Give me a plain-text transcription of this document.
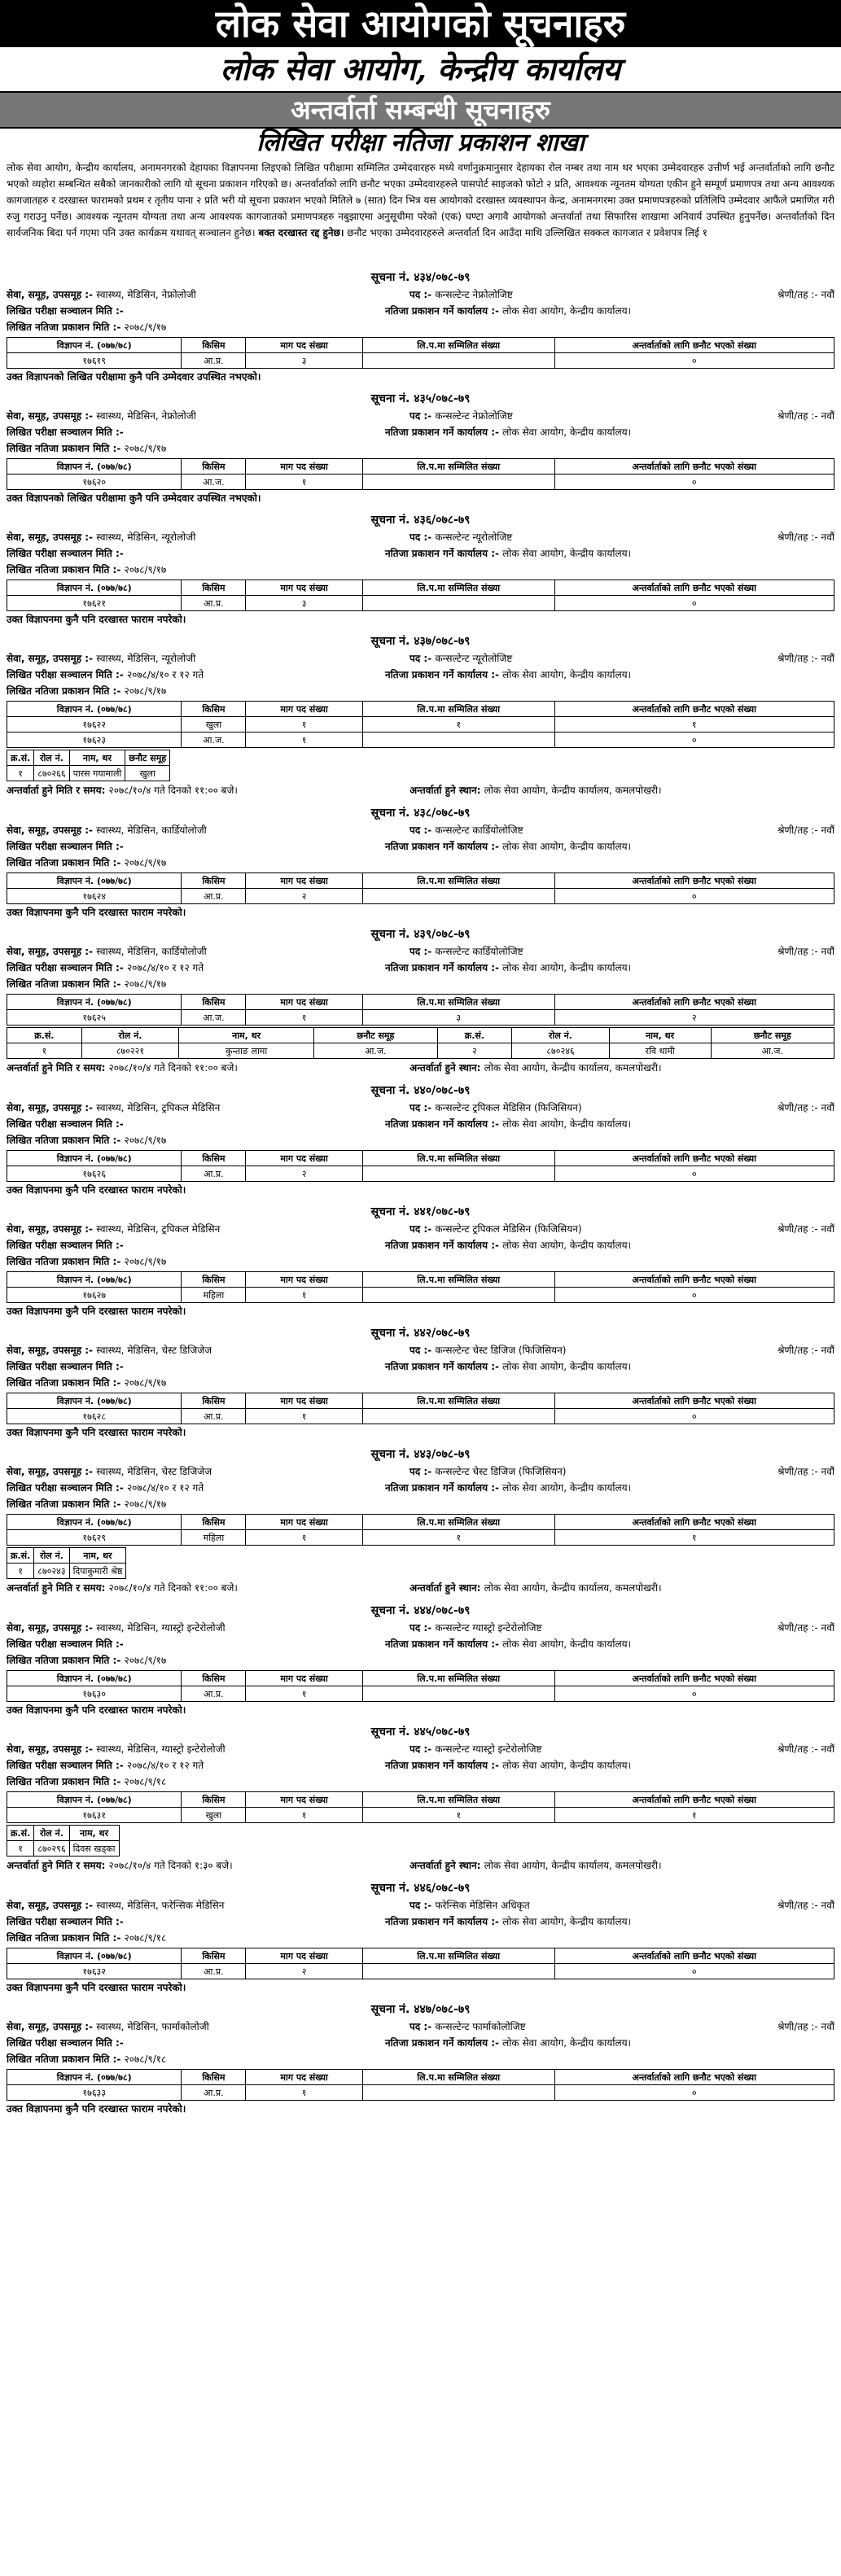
लोक सेवा आयोगको सूचनाहरु
लोक सेवा आयोग, केन्द्रीय कार्यालय
अन्तर्वार्ता सम्बन्धी सूचनाहरु
लिखित परीक्षा नतिजा प्रकाशन शाखा
लोक सेवा आयोग, केन्द्रीय कार्यालय, अनामनगरको देहायका विज्ञापनमा लिइएको लिखित परीक्षामा सम्मिलित उम्मेदवारहरु मध्ये वर्णानुक्रमानुसार देहायका रोल नम्बर तथा नाम थर भएका उम्मेदवारहरु उत्तीर्ण भई अन्तर्वार्ताको लागि छनौट भएको व्यहोरा सम्बन्धित सबैको जानकारीको लागि यो सूचना प्रकाशन गरिएको छ। अन्तर्वार्ताको लागि छनौट भएका उम्मेदवारहरुले पासपोर्ट साइजको फोटो २ प्रति, आवश्यक न्यूनतम योग्यता एकीन हुने सम्पूर्ण प्रमाणपत्र तथा अन्य आवश्यक कागजातहरु र दरखास्त फारामको प्रथम र तृतीय पाना २ प्रति भरी यो सूचना प्रकाशन भएको मितिले ७ (सात) दिन भित्र यस आयोगको दरखास्त व्यवस्थापन केन्द्र, अनामनगरमा उक्त प्रमाणपत्रहरुको प्रतिलिपि उम्मेदवार आफैंले प्रमाणित गरी रुजु गराउनु पर्नेछ। आवश्यक न्यूनतम योग्यता तथा अन्य आवश्यक कागजातको प्रमाणपत्रहरु नबुझाएमा अनुसूचीमा परेको (एक) घण्टा अगावै आयोगको अन्तर्वार्ता तथा सिफारिस शाखामा अनिवार्य उपस्थित हुनुपर्नेछ। अन्तर्वार्ताको दिन सार्वजनिक बिदा पर्न गएमा पनि उक्त कार्यक्रम यथावत् सञ्चालन हुनेछ। बक्त दरखास्त रद्द हुनेछ। छनौट भएका उम्मेदवारहरुले अन्तर्वार्ता दिन आउँदा माथि उल्लिखित सक्कल कागजात र प्रवेशपत्र लिई १
सूचना नं. ४३४/०७८-७९
सेवा, समूह, उपसमूह :- स्वास्थ्य, मेडिसिन, नेफ्रोलोजी	पद :- कन्सल्टेन्ट नेफ्रोलोजिष्ट	श्रेणी/तह :- नवौं
लिखित परीक्षा सञ्चालन मिति :-	नतिजा प्रकाशन गर्ने कार्यालय :- लोक सेवा आयोग, केन्द्रीय कार्यालय।
लिखित नतिजा प्रकाशन मिति :- २०७८/९/१७
विज्ञापन नं. (०७७/७८)	किसिम	माग पद संख्या	लि.प.मा सम्मिलित संख्या	अन्तर्वार्ताको लागि छनौट भएको संख्या
१७६१९	आ.प्र.	३		०
उक्त विज्ञापनको लिखित परीक्षामा कुनै पनि उम्मेदवार उपस्थित नभएको।
सूचना नं. ४३५/०७८-७९
सेवा, समूह, उपसमूह :- स्वास्थ्य, मेडिसिन, नेफ्रोलोजी	पद :- कन्सल्टेन्ट नेफ्रोलोजिष्ट	श्रेणी/तह :- नवौं
लिखित परीक्षा सञ्चालन मिति :-	नतिजा प्रकाशन गर्ने कार्यालय :- लोक सेवा आयोग, केन्द्रीय कार्यालय।
लिखित नतिजा प्रकाशन मिति :- २०७८/९/१७
विज्ञापन नं. (०७७/७८)	किसिम	माग पद संख्या	लि.प.मा सम्मिलित संख्या	अन्तर्वार्ताको लागि छनौट भएको संख्या
१७६२०	आ.ज.	१		०
उक्त विज्ञापनको लिखित परीक्षामा कुनै पनि उम्मेदवार उपस्थित नभएको।
सूचना नं. ४३६/०७८-७९
सेवा, समूह, उपसमूह :- स्वास्थ्य, मेडिसिन, न्यूरोलोजी	पद :- कन्सल्टेन्ट न्यूरोलोजिष्ट	श्रेणी/तह :- नवौं
लिखित परीक्षा सञ्चालन मिति :-	नतिजा प्रकाशन गर्ने कार्यालय :- लोक सेवा आयोग, केन्द्रीय कार्यालय।
लिखित नतिजा प्रकाशन मिति :- २०७८/९/१७
विज्ञापन नं. (०७७/७८)	किसिम	माग पद संख्या	लि.प.मा सम्मिलित संख्या	अन्तर्वार्ताको लागि छनौट भएको संख्या
१७६२१	आ.प्र.	३		०
उक्त विज्ञापनमा कुनै पनि दरखास्त फाराम नपरेको।
सूचना नं. ४३७/०७८-७९
सेवा, समूह, उपसमूह :- स्वास्थ्य, मेडिसिन, न्यूरोलोजी	पद :- कन्सल्टेन्ट न्यूरोलोजिष्ट	श्रेणी/तह :- नवौं
लिखित परीक्षा सञ्चालन मिति :- २०७८/४/१० र १२ गते	नतिजा प्रकाशन गर्ने कार्यालय :- लोक सेवा आयोग, केन्द्रीय कार्यालय।
लिखित नतिजा प्रकाशन मिति :- २०७८/९/१७
विज्ञापन नं. (०७७/७८)	किसिम	माग पद संख्या	लि.प.मा सम्मिलित संख्या	अन्तर्वार्ताको लागि छनौट भएको संख्या
१७६२२	खुला	१	१	१
१७६२३	आ.ज.	१		०
क्र.सं.	रोल नं.	नाम, थर	छनौट समूह
१	८७०२६६	पारस गयामाली	खुला
अन्तर्वार्ता हुने मिति र समय: २०७८/१०/४ गते दिनको ११:०० बजे।	अन्तर्वार्ता हुने स्थान: लोक सेवा आयोग, केन्द्रीय कार्यालय, कमलपोखरी।
सूचना नं. ४३८/०७८-७९
सेवा, समूह, उपसमूह :- स्वास्थ्य, मेडिसिन, कार्डियोलोजी	पद :- कन्सल्टेन्ट कार्डियोलोजिष्ट	श्रेणी/तह :- नवौं
लिखित परीक्षा सञ्चालन मिति :-	नतिजा प्रकाशन गर्ने कार्यालय :- लोक सेवा आयोग, केन्द्रीय कार्यालय।
लिखित नतिजा प्रकाशन मिति :- २०७८/९/१७
विज्ञापन नं. (०७७/७८)	किसिम	माग पद संख्या	लि.प.मा सम्मिलित संख्या	अन्तर्वार्ताको लागि छनौट भएको संख्या
१७६२४	आ.प्र.	२		०
उक्त विज्ञापनमा कुनै पनि दरखास्त फाराम नपरेको।
सूचना नं. ४३९/०७८-७९
सेवा, समूह, उपसमूह :- स्वास्थ्य, मेडिसिन, कार्डियोलोजी	पद :- कन्सल्टेन्ट कार्डियोलोजिष्ट	श्रेणी/तह :- नवौं
लिखित परीक्षा सञ्चालन मिति :- २०७८/४/१० र १२ गते	नतिजा प्रकाशन गर्ने कार्यालय :- लोक सेवा आयोग, केन्द्रीय कार्यालय।
लिखित नतिजा प्रकाशन मिति :- २०७८/९/१७
विज्ञापन नं. (०७७/७८)	किसिम	माग पद संख्या	लि.प.मा सम्मिलित संख्या	अन्तर्वार्ताको लागि छनौट भएको संख्या
१७६२५	आ.ज.	१	३	२
क्र.सं.	रोल नं.	नाम, थर	छनौट समूह	क्र.सं.	रोल नं.	नाम, थर	छनौट समूह
१	८७०२२१	कुन्ताङ लामा	आ.ज.	२	८७०२४६	रवि थामी	आ.ज.
अन्तर्वार्ता हुने मिति र समय: २०७८/१०/४ गते दिनको ११:०० बजे।	अन्तर्वार्ता हुने स्थान: लोक सेवा आयोग, केन्द्रीय कार्यालय, कमलपोखरी।
सूचना नं. ४४०/०७८-७९
सेवा, समूह, उपसमूह :- स्वास्थ्य, मेडिसिन, ट्रपिकल मेडिसिन	पद :- कन्सल्टेन्ट ट्रपिकल मेडिसिन (फिजिसियन)	श्रेणी/तह :- नवौं
लिखित परीक्षा सञ्चालन मिति :-	नतिजा प्रकाशन गर्ने कार्यालय :- लोक सेवा आयोग, केन्द्रीय कार्यालय।
लिखित नतिजा प्रकाशन मिति :- २०७८/९/१७
विज्ञापन नं. (०७७/७८)	किसिम	माग पद संख्या	लि.प.मा सम्मिलित संख्या	अन्तर्वार्ताको लागि छनौट भएको संख्या
१७६२६	आ.प्र.	२		०
उक्त विज्ञापनमा कुनै पनि दरखास्त फाराम नपरेको।
सूचना नं. ४४१/०७८-७९
सेवा, समूह, उपसमूह :- स्वास्थ्य, मेडिसिन, ट्रपिकल मेडिसिन	पद :- कन्सल्टेन्ट ट्रपिकल मेडिसिन (फिजिसियन)	श्रेणी/तह :- नवौं
लिखित परीक्षा सञ्चालन मिति :-	नतिजा प्रकाशन गर्ने कार्यालय :- लोक सेवा आयोग, केन्द्रीय कार्यालय।
लिखित नतिजा प्रकाशन मिति :- २०७८/९/१७
विज्ञापन नं. (०७७/७८)	किसिम	माग पद संख्या	लि.प.मा सम्मिलित संख्या	अन्तर्वार्ताको लागि छनौट भएको संख्या
१७६२७	महिला	१		०
उक्त विज्ञापनमा कुनै पनि दरखास्त फाराम नपरेको।
सूचना नं. ४४२/०७८-७९
सेवा, समूह, उपसमूह :- स्वास्थ्य, मेडिसिन, चेस्ट डिजिजेज	पद :- कन्सल्टेन्ट चेस्ट डिजिज (फिजिसियन)	श्रेणी/तह :- नवौं
लिखित परीक्षा सञ्चालन मिति :-	नतिजा प्रकाशन गर्ने कार्यालय :- लोक सेवा आयोग, केन्द्रीय कार्यालय।
लिखित नतिजा प्रकाशन मिति :- २०७८/९/१७
विज्ञापन नं. (०७७/७८)	किसिम	माग पद संख्या	लि.प.मा सम्मिलित संख्या	अन्तर्वार्ताको लागि छनौट भएको संख्या
१७६२८	आ.प्र.	१		०
उक्त विज्ञापनमा कुनै पनि दरखास्त फाराम नपरेको।
सूचना नं. ४४३/०७८-७९
सेवा, समूह, उपसमूह :- स्वास्थ्य, मेडिसिन, चेस्ट डिजिजेज	पद :- कन्सल्टेन्ट चेस्ट डिजिज (फिजिसियन)	श्रेणी/तह :- नवौं
लिखित परीक्षा सञ्चालन मिति :- २०७८/४/१० र १२ गते	नतिजा प्रकाशन गर्ने कार्यालय :- लोक सेवा आयोग, केन्द्रीय कार्यालय।
लिखित नतिजा प्रकाशन मिति :- २०७८/९/१७
विज्ञापन नं. (०७७/७८)	किसिम	माग पद संख्या	लि.प.मा सम्मिलित संख्या	अन्तर्वार्ताको लागि छनौट भएको संख्या
१७६२९	महिला	१	१	१
क्र.सं.	रोल नं.	नाम, थर
१	८७०२४३	दिपाकुमारी श्रेष्ठ
अन्तर्वार्ता हुने मिति र समय: २०७८/१०/४ गते दिनको ११:०० बजे।	अन्तर्वार्ता हुने स्थान: लोक सेवा आयोग, केन्द्रीय कार्यालय, कमलपोखरी।
सूचना नं. ४४४/०७८-७९
सेवा, समूह, उपसमूह :- स्वास्थ्य, मेडिसिन, ग्यास्ट्रो इन्टेरोलोजी	पद :- कन्सल्टेन्ट ग्यास्ट्रो इन्टेरोलोजिष्ट	श्रेणी/तह :- नवौं
लिखित परीक्षा सञ्चालन मिति :-	नतिजा प्रकाशन गर्ने कार्यालय :- लोक सेवा आयोग, केन्द्रीय कार्यालय।
लिखित नतिजा प्रकाशन मिति :- २०७८/९/१७
विज्ञापन नं. (०७७/७८)	किसिम	माग पद संख्या	लि.प.मा सम्मिलित संख्या	अन्तर्वार्ताको लागि छनौट भएको संख्या
१७६३०	आ.प्र.	१		०
उक्त विज्ञापनमा कुनै पनि दरखास्त फाराम नपरेको।
सूचना नं. ४४५/०७८-७९
सेवा, समूह, उपसमूह :- स्वास्थ्य, मेडिसिन, ग्यास्ट्रो इन्टेरोलोजी	पद :- कन्सल्टेन्ट ग्यास्ट्रो इन्टेरोलोजिष्ट	श्रेणी/तह :- नवौं
लिखित परीक्षा सञ्चालन मिति :- २०७८/४/१० र १२ गते	नतिजा प्रकाशन गर्ने कार्यालय :- लोक सेवा आयोग, केन्द्रीय कार्यालय।
लिखित नतिजा प्रकाशन मिति :- २०७८/९/१८
विज्ञापन नं. (०७७/७८)	किसिम	माग पद संख्या	लि.प.मा सम्मिलित संख्या	अन्तर्वार्ताको लागि छनौट भएको संख्या
१७६३१	खुला	१	१	१
क्र.सं.	रोल नं.	नाम, थर
१	८७०२९६	दिवस खड्का
अन्तर्वार्ता हुने मिति र समय: २०७८/१०/४ गते दिनको १:३० बजे।	अन्तर्वार्ता हुने स्थान: लोक सेवा आयोग, केन्द्रीय कार्यालय, कमलपोखरी।
सूचना नं. ४४६/०७८-७९
सेवा, समूह, उपसमूह :- स्वास्थ्य, मेडिसिन, फरेन्सिक मेडिसिन	पद :- फरेन्सिक मेडिसिन अधिकृत	श्रेणी/तह :- नवौं
लिखित परीक्षा सञ्चालन मिति :-	नतिजा प्रकाशन गर्ने कार्यालय :- लोक सेवा आयोग, केन्द्रीय कार्यालय।
लिखित नतिजा प्रकाशन मिति :- २०७८/९/१८
विज्ञापन नं. (०७७/७८)	किसिम	माग पद संख्या	लि.प.मा सम्मिलित संख्या	अन्तर्वार्ताको लागि छनौट भएको संख्या
१७६३२	आ.प्र.	२		०
उक्त विज्ञापनमा कुनै पनि दरखास्त फाराम नपरेको।
सूचना नं. ४४७/०७८-७९
सेवा, समूह, उपसमूह :- स्वास्थ्य, मेडिसिन, फार्माकोलोजी	पद :- कन्सल्टेन्ट फार्माकोलोजिष्ट	श्रेणी/तह :- नवौं
लिखित परीक्षा सञ्चालन मिति :-	नतिजा प्रकाशन गर्ने कार्यालय :- लोक सेवा आयोग, केन्द्रीय कार्यालय।
लिखित नतिजा प्रकाशन मिति :- २०७८/९/१८
विज्ञापन नं. (०७७/७८)	किसिम	माग पद संख्या	लि.प.मा सम्मिलित संख्या	अन्तर्वार्ताको लागि छनौट भएको संख्या
१७६३३	आ.प्र.	१		०
उक्त विज्ञापनमा कुनै पनि दरखास्त फाराम नपरेको।
